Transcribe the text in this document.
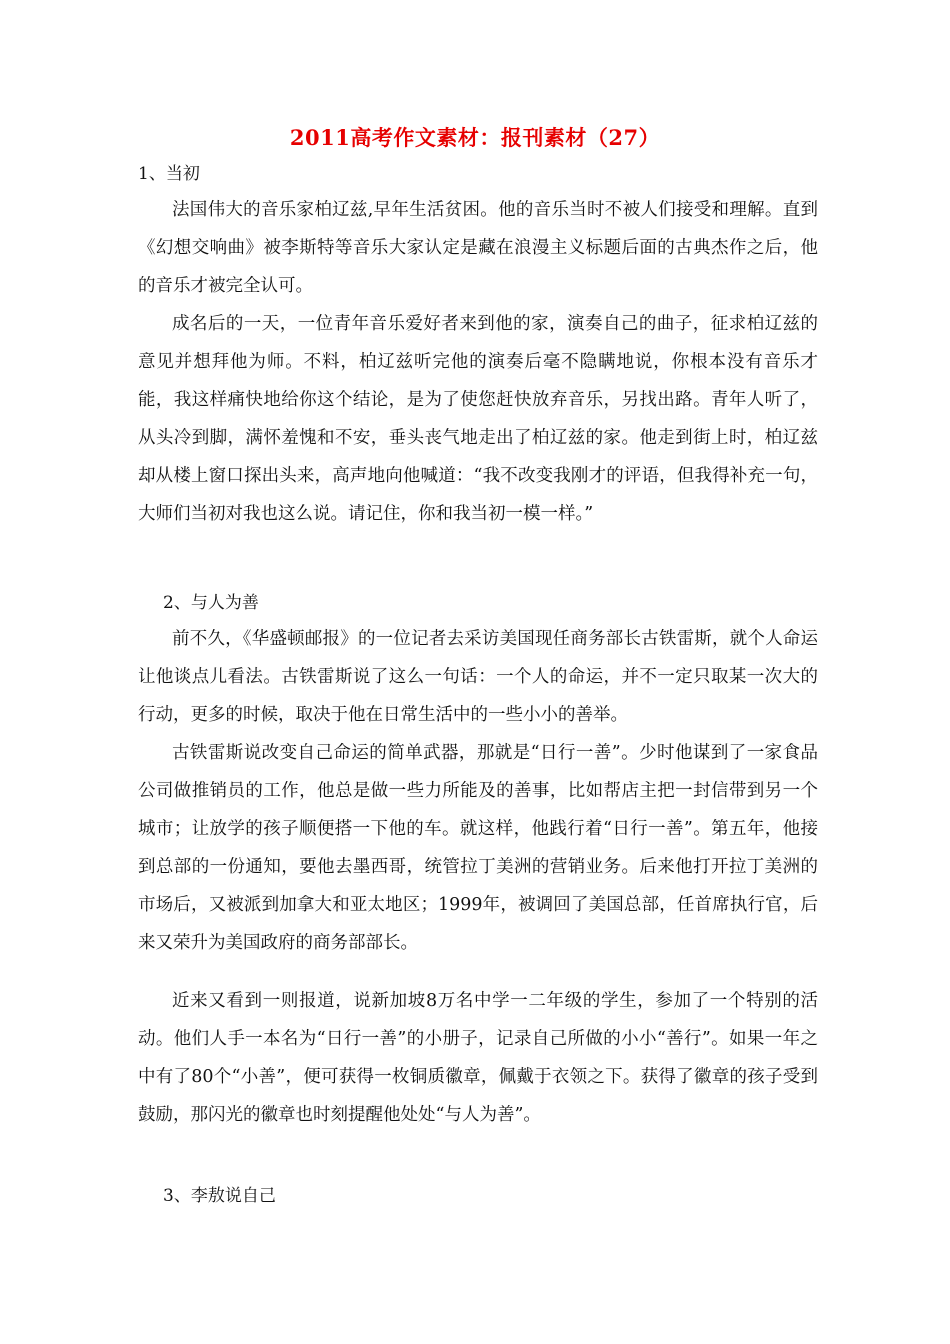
2011高考作文素材：报刊素材（27）
1、当初

法国伟大的音乐家柏辽兹,早年生活贫困。他的音乐当时不被人们接受和理解。直到《幻想交响曲》被李斯特等音乐大家认定是藏在浪漫主义标题后面的古典杰作之后，他的音乐才被完全认可。

成名后的一天，一位青年音乐爱好者来到他的家，演奏自己的曲子，征求柏辽兹的意见并想拜他为师。不料，柏辽兹听完他的演奏后毫不隐瞒地说，你根本没有音乐才能，我这样痛快地给你这个结论，是为了使您赶快放弃音乐，另找出路。青年人听了，从头冷到脚，满怀羞愧和不安，垂头丧气地走出了柏辽兹的家。他走到街上时，柏辽兹却从楼上窗口探出头来，高声地向他喊道：“我不改变我刚才的评语，但我得补充一句，大师们当初对我也这么说。请记住，你和我当初一模一样。”

2、与人为善

前不久，《华盛顿邮报》的一位记者去采访美国现任商务部长古铁雷斯，就个人命运让他谈点儿看法。古铁雷斯说了这么一句话：一个人的命运，并不一定只取某一次大的行动，更多的时候，取决于他在日常生活中的一些小小的善举。

古铁雷斯说改变自己命运的简单武器，那就是“日行一善”。少时他谋到了一家食品公司做推销员的工作，他总是做一些力所能及的善事，比如帮店主把一封信带到另一个城市；让放学的孩子顺便搭一下他的车。就这样，他践行着“日行一善”。第五年，他接到总部的一份通知，要他去墨西哥，统管拉丁美洲的营销业务。后来他打开拉丁美洲的市场后，又被派到加拿大和亚太地区；1999年，被调回了美国总部，任首席执行官，后来又荣升为美国政府的商务部部长。

近来又看到一则报道，说新加坡8万名中学一二年级的学生，参加了一个特别的活动。他们人手一本名为“日行一善”的小册子，记录自己所做的小小“善行”。如果一年之中有了80个“小善”，便可获得一枚铜质徽章，佩戴于衣领之下。获得了徽章的孩子受到鼓励，那闪光的徽章也时刻提醒他处处“与人为善”。

3、李敖说自己
